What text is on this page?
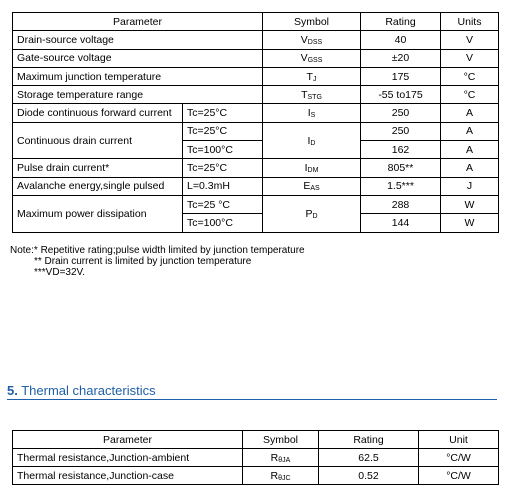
Parameter		Symbol	Rating	Units
Drain-source voltage		$V_{DSS}$	40	V
Gate-source voltage		$V_{GSS}$	±20	V
Maximum junction temperature		$T_J$	175	°C
Storage temperature range		$T_{STG}$	-55 to175	°C
Diode continuous forward current	Tc=25°C	$I_S$	250	A
Continuous drain current	Tc=25°C	$I_D$	250	A
	Tc=100°C		162	A
Pulse drain current*	Tc=25°C	$I_{DM}$	805**	A
Avalanche energy,single pulsed	L=0.3mH	$E_{AS}$	1.5***	J
Maximum power dissipation	Tc=25 °C	$P_D$	288	W
	Tc=100°C		144	W
Note:* Repetitive rating;pulse width limited by junction temperature
** Drain current is limited by junction temperature
***VD=32V.
5. Thermal characteristics
Parameter	Symbol	Rating	Unit
Thermal resistance,Junction-ambient	$R_{\theta JA}$	62.5	°C/W
Thermal resistance,Junction-case	$R_{\theta JC}$	0.52	°C/W
